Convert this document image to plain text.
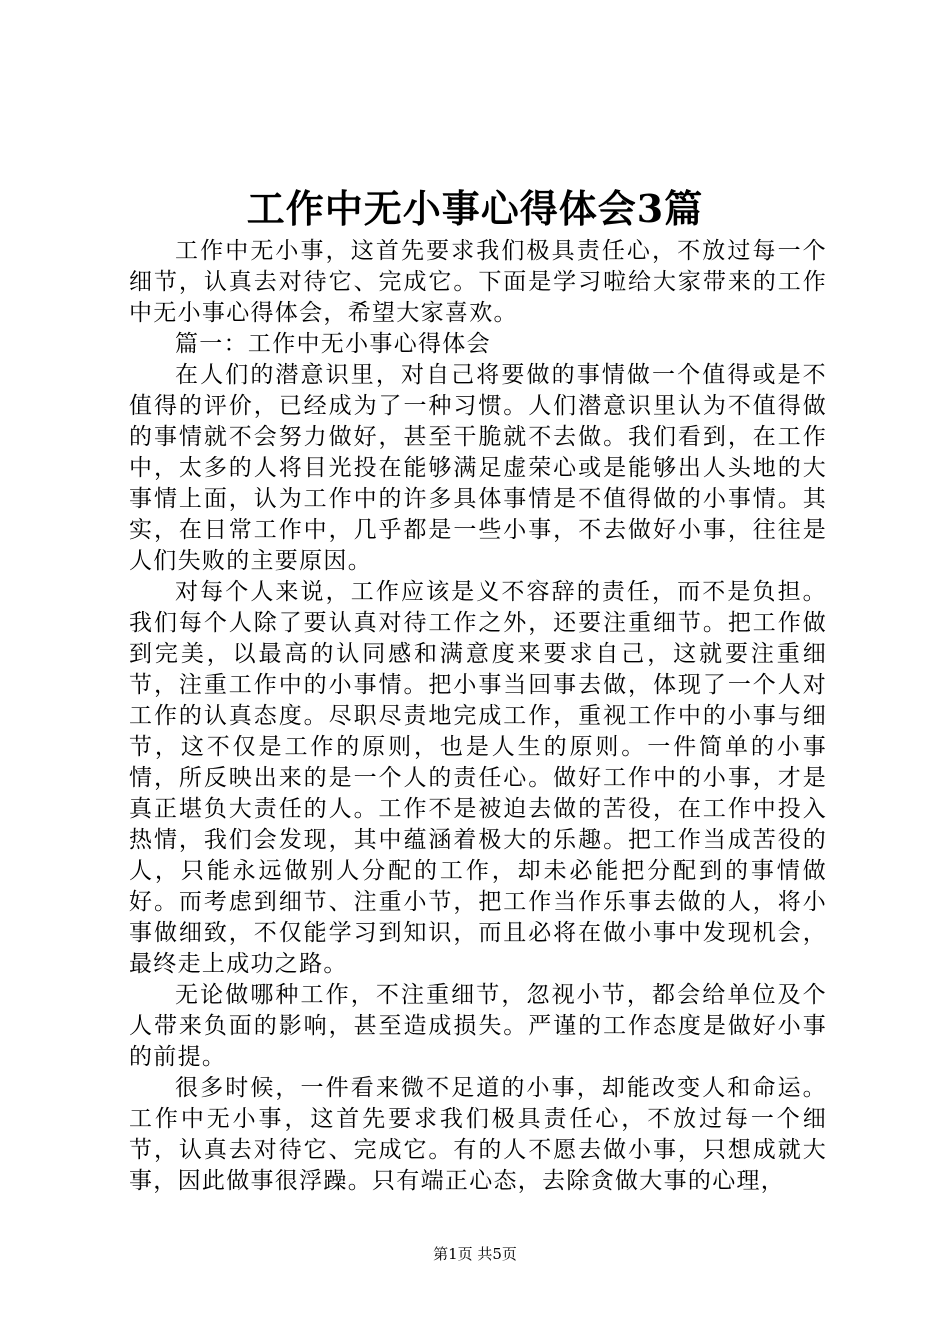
工作中无小事心得体会3篇

工作中无小事，这首先要求我们极具责任心，不放过每一个细节，认真去对待它、完成它。下面是学习啦给大家带来的工作中无小事心得体会，希望大家喜欢。

篇一：工作中无小事心得体会

在人们的潜意识里，对自己将要做的事情做一个值得或是不值得的评价，已经成为了一种习惯。人们潜意识里认为不值得做的事情就不会努力做好，甚至干脆就不去做。我们看到，在工作中，太多的人将目光投在能够满足虚荣心或是能够出人头地的大事情上面，认为工作中的许多具体事情是不值得做的小事情。其实，在日常工作中，几乎都是一些小事，不去做好小事，往往是人们失败的主要原因。

对每个人来说，工作应该是义不容辞的责任，而不是负担。我们每个人除了要认真对待工作之外，还要注重细节。把工作做到完美，以最高的认同感和满意度来要求自己，这就要注重细节，注重工作中的小事情。把小事当回事去做，体现了一个人对工作的认真态度。尽职尽责地完成工作，重视工作中的小事与细节，这不仅是工作的原则，也是人生的原则。一件简单的小事情，所反映出来的是一个人的责任心。做好工作中的小事，才是真正堪负大责任的人。工作不是被迫去做的苦役，在工作中投入热情，我们会发现，其中蕴涵着极大的乐趣。把工作当成苦役的人，只能永远做别人分配的工作，却未必能把分配到的事情做好。而考虑到细节、注重小节，把工作当作乐事去做的人，将小事做细致，不仅能学习到知识，而且必将在做小事中发现机会，最终走上成功之路。

无论做哪种工作，不注重细节，忽视小节，都会给单位及个人带来负面的影响，甚至造成损失。严谨的工作态度是做好小事的前提。

很多时候，一件看来微不足道的小事，却能改变人和命运。工作中无小事，这首先要求我们极具责任心，不放过每一个细节，认真去对待它、完成它。有的人不愿去做小事，只想成就大事，因此做事很浮躁。只有端正心态，去除贪做大事的心理，

第1页 共5页
